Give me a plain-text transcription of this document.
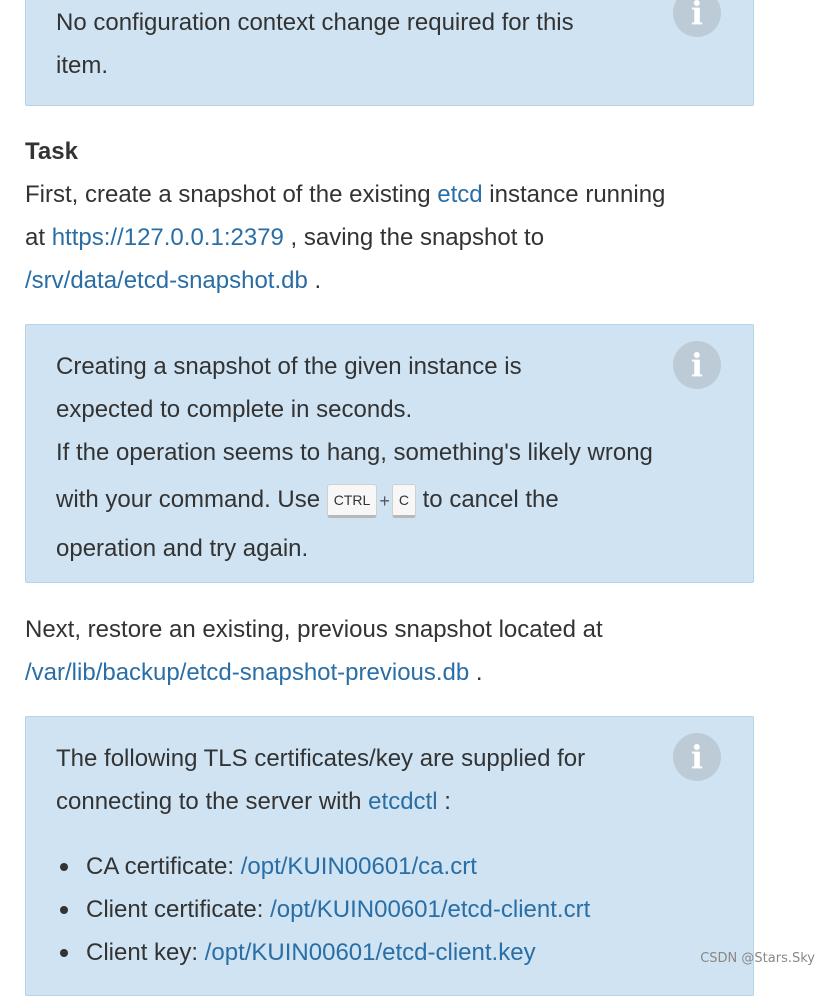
No configuration context change required for this
item.
i
Task
First, create a snapshot of the existing etcd instance running
at https://127.0.0.1:2379 , saving the snapshot to
/srv/data/etcd-snapshot.db .
Creating a snapshot of the given instance is
expected to complete in seconds.
If the operation seems to hang, something's likely wrong
with your command. Use CTRL + C to cancel the
operation and try again.
i
Next, restore an existing, previous snapshot located at
/var/lib/backup/etcd-snapshot-previous.db .
The following TLS certificates/key are supplied for
connecting to the server with etcdctl :
CA certificate: /opt/KUIN00601/ca.crt
Client certificate: /opt/KUIN00601/etcd-client.crt
Client key: /opt/KUIN00601/etcd-client.key
i
CSDN @Stars.Sky
